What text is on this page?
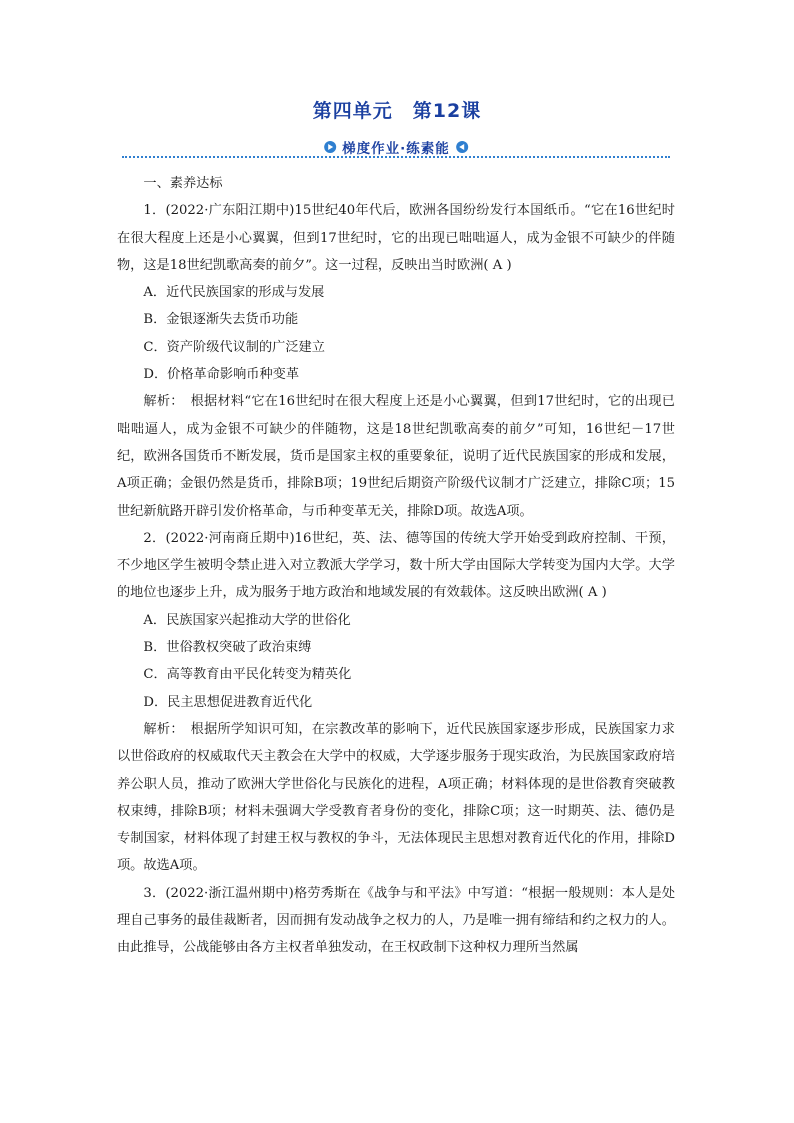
第四单元　第12课
梯度作业·练素能

一、素养达标

1．(2022·广东阳江期中)15世纪40年代后，欧洲各国纷纷发行本国纸币。“它在16世纪时在很大程度上还是小心翼翼，但到17世纪时，它的出现已咄咄逼人，成为金银不可缺少的伴随物，这是18世纪凯歌高奏的前夕”。这一过程，反映出当时欧洲( A )

A．近代民族国家的形成与发展

B．金银逐渐失去货币功能

C．资产阶级代议制的广泛建立

D．价格革命影响币种变革

解析：　根据材料“它在16世纪时在很大程度上还是小心翼翼，但到17世纪时，它的出现已咄咄逼人，成为金银不可缺少的伴随物，这是18世纪凯歌高奏的前夕”可知，16世纪－17世纪，欧洲各国货币不断发展，货币是国家主权的重要象征，说明了近代民族国家的形成和发展，A项正确；金银仍然是货币，排除B项；19世纪后期资产阶级代议制才广泛建立，排除C项；15世纪新航路开辟引发价格革命，与币种变革无关，排除D项。故选A项。

2．(2022·河南商丘期中)16世纪，英、法、德等国的传统大学开始受到政府控制、干预，不少地区学生被明令禁止进入对立教派大学学习，数十所大学由国际大学转变为国内大学。大学的地位也逐步上升，成为服务于地方政治和地域发展的有效载体。这反映出欧洲( A )

A．民族国家兴起推动大学的世俗化

B．世俗教权突破了政治束缚

C．高等教育由平民化转变为精英化

D．民主思想促进教育近代化

解析：　根据所学知识可知，在宗教改革的影响下，近代民族国家逐步形成，民族国家力求以世俗政府的权威取代天主教会在大学中的权威，大学逐步服务于现实政治，为民族国家政府培养公职人员，推动了欧洲大学世俗化与民族化的进程，A项正确；材料体现的是世俗教育突破教权束缚，排除B项；材料未强调大学受教育者身份的变化，排除C项；这一时期英、法、德仍是专制国家，材料体现了封建王权与教权的争斗，无法体现民主思想对教育近代化的作用，排除D项。故选A项。

3．(2022·浙江温州期中)格劳秀斯在《战争与和平法》中写道：“根据一般规则：本人是处理自己事务的最佳裁断者，因而拥有发动战争之权力的人，乃是唯一拥有缔结和约之权力的人。由此推导，公战能够由各方主权者单独发动，在王权政制下这种权力理所当然属
